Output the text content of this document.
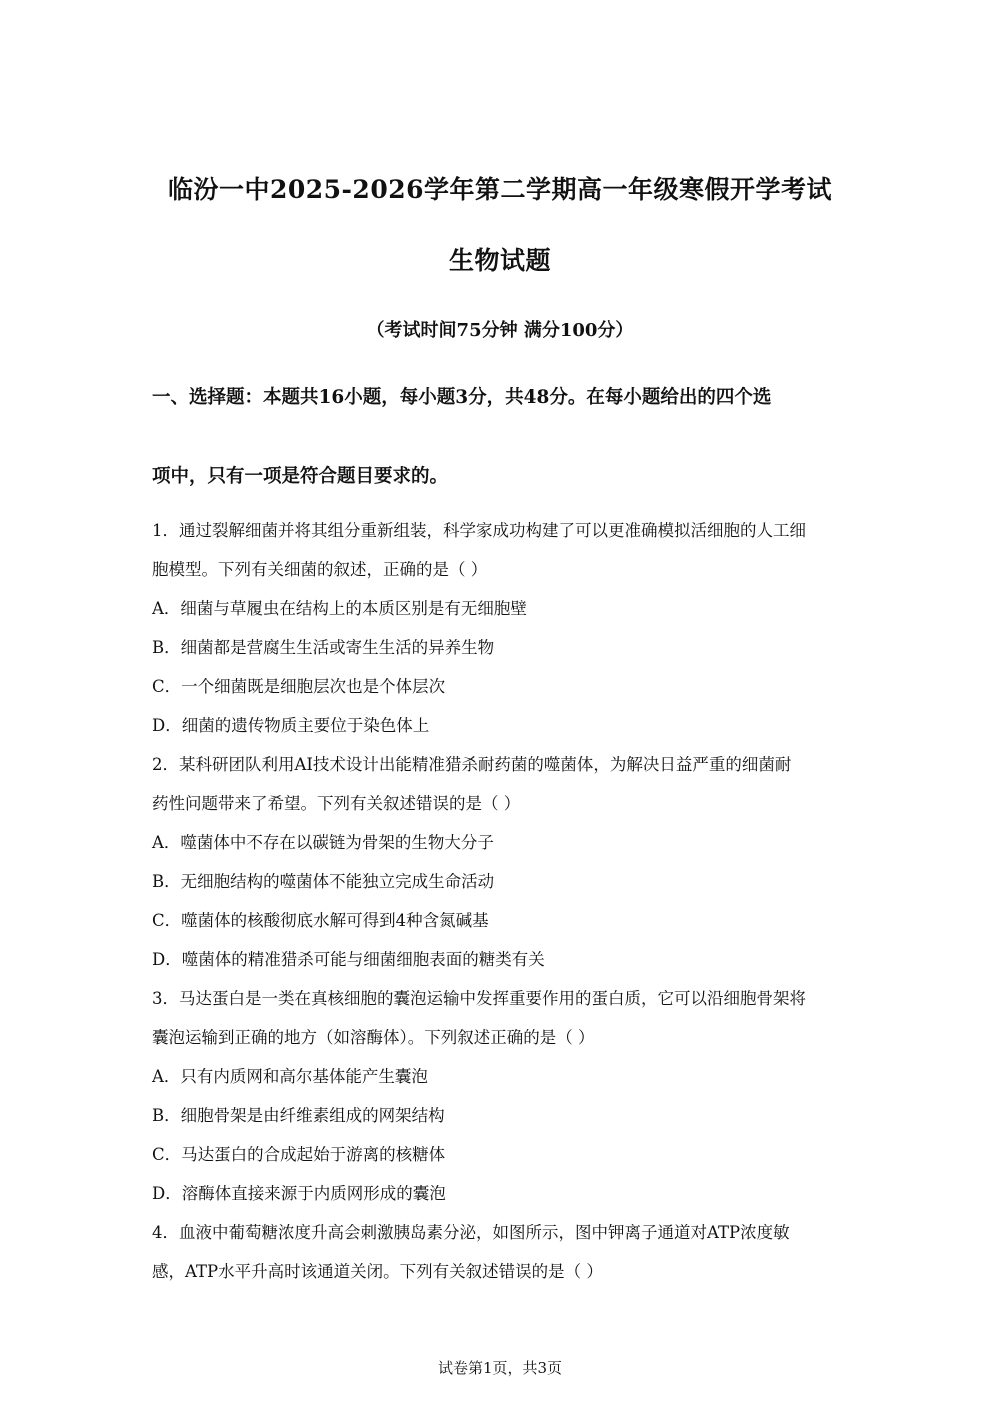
临汾一中2025-2026学年第二学期高一年级寒假开学考试
生物试题
（考试时间75分钟 满分100分）
一、选择题：本题共16小题，每小题3分，共48分。在每小题给出的四个选
项中，只有一项是符合题目要求的。
1．通过裂解细菌并将其组分重新组装，科学家成功构建了可以更准确模拟活细胞的人工细
胞模型。下列有关细菌的叙述，正确的是（ ）
A．细菌与草履虫在结构上的本质区别是有无细胞壁
B．细菌都是营腐生生活或寄生生活的异养生物
C．一个细菌既是细胞层次也是个体层次
D．细菌的遗传物质主要位于染色体上
2．某科研团队利用AI技术设计出能精准猎杀耐药菌的噬菌体，为解决日益严重的细菌耐
药性问题带来了希望。下列有关叙述错误的是（ ）
A．噬菌体中不存在以碳链为骨架的生物大分子
B．无细胞结构的噬菌体不能独立完成生命活动
C．噬菌体的核酸彻底水解可得到4种含氮碱基
D．噬菌体的精准猎杀可能与细菌细胞表面的糖类有关
3．马达蛋白是一类在真核细胞的囊泡运输中发挥重要作用的蛋白质，它可以沿细胞骨架将
囊泡运输到正确的地方（如溶酶体）。下列叙述正确的是（ ）
A．只有内质网和高尔基体能产生囊泡
B．细胞骨架是由纤维素组成的网架结构
C．马达蛋白的合成起始于游离的核糖体
D．溶酶体直接来源于内质网形成的囊泡
4．血液中葡萄糖浓度升高会刺激胰岛素分泌，如图所示，图中钾离子通道对ATP浓度敏
感，ATP水平升高时该通道关闭。下列有关叙述错误的是（ ）
试卷第1页，共3页
